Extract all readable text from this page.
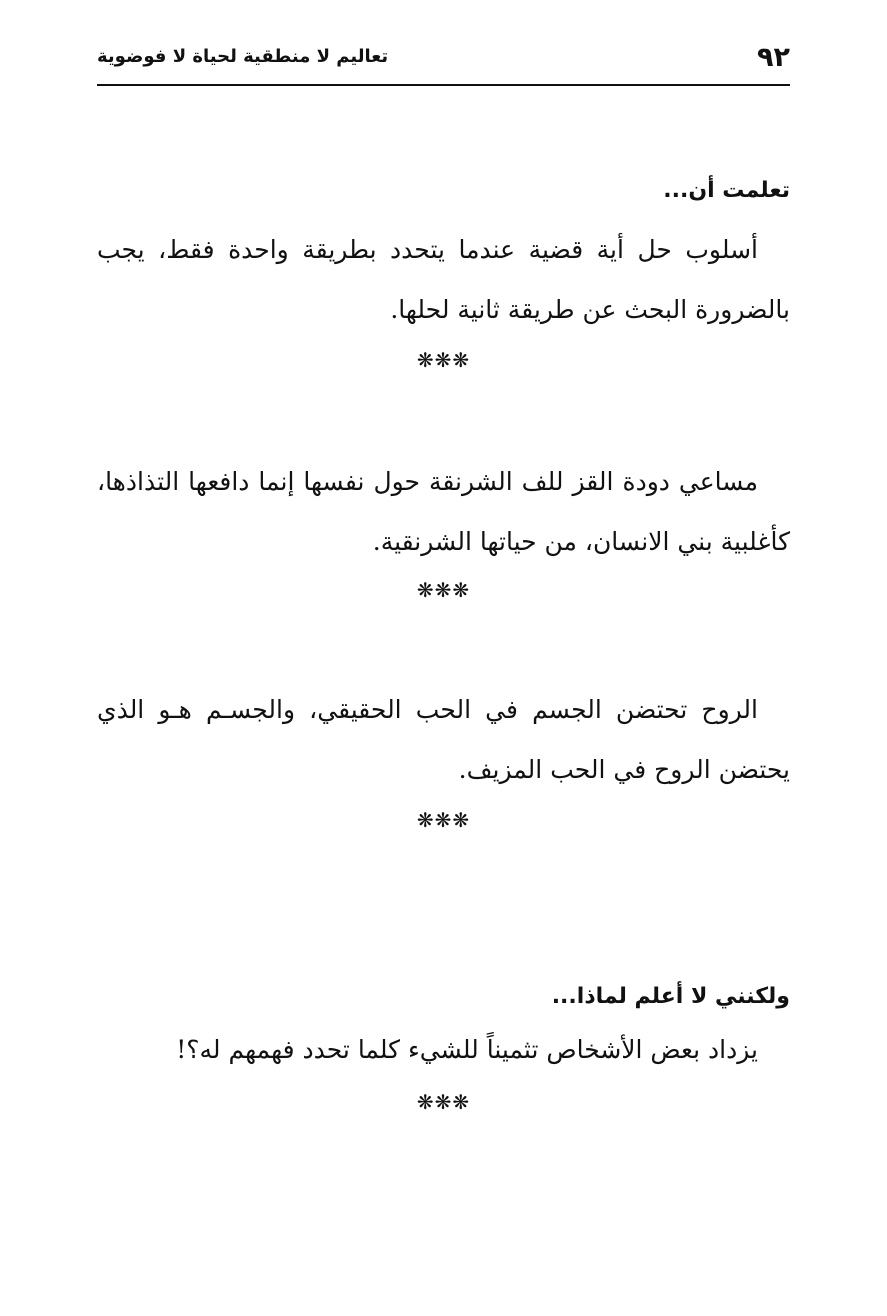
٩٢
تعاليم لا منطقية لحياة لا فوضوية
تعلمت أن...
أسلوب حل أية قضية عندما يتحدد بطريقة واحدة فقط، يجب
بالضرورة البحث عن طريقة ثانية لحلها.
❋❋❋
مساعي دودة القز للف الشرنقة حول نفسها إنما دافعها التذاذها،
كأغلبية بني الانسان، من حياتها الشرنقية.
❋❋❋
الروح تحتضن الجسم في الحب الحقيقي، والجسـم هـو الذي
يحتضن الروح في الحب المزيف.
❋❋❋
ولكنني لا أعلم لماذا...
يزداد بعض الأشخاص تثميناً للشيء كلما تحدد فهمهم له؟!
❋❋❋
